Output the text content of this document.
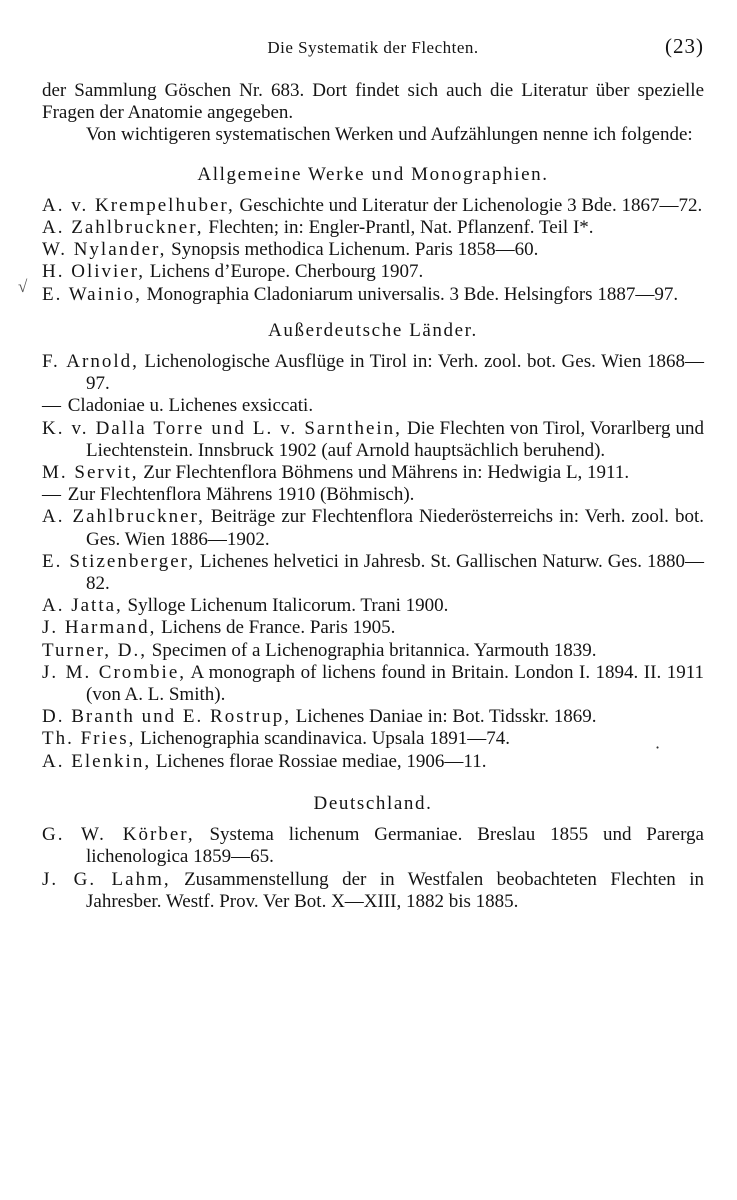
Die Systematik der Flechten.	(23)
√
·

der Sammlung Göschen Nr. 683. Dort findet sich auch die Literatur über spezielle Fragen der Anatomie angegeben.

Von wichtigeren systematischen Werken und Aufzählungen nenne ich folgende:

Allgemeine Werke und Monographien.

A. v. Krempelhuber, Geschichte und Literatur der Lichenologie 3 Bde. 1867—72.

A. Zahlbruckner, Flechten; in: Engler-Prantl, Nat. Pflanzenf. Teil I*.

W. Nylander, Synopsis methodica Lichenum. Paris 1858—60.

H. Olivier, Lichens d’Europe. Cherbourg 1907.

E. Wainio, Monographia Cladoniarum universalis. 3 Bde. Helsingfors 1887—97.

Außerdeutsche Länder.

F. Arnold, Lichenologische Ausflüge in Tirol in: Verh. zool. bot. Ges. Wien 1868—97.

— Cladoniae u. Lichenes exsiccati.

K. v. Dalla Torre und L. v. Sarnthein, Die Flechten von Tirol, Vorarlberg und Liechtenstein. Innsbruck 1902 (auf Arnold hauptsächlich beruhend).

M. Servit, Zur Flechtenflora Böhmens und Mährens in: Hedwigia L, 1911.

— Zur Flechtenflora Mährens 1910 (Böhmisch).

A. Zahlbruckner, Beiträge zur Flechtenflora Niederösterreichs in: Verh. zool. bot. Ges. Wien 1886—1902.

E. Stizenberger, Lichenes helvetici in Jahresb. St. Gallischen Naturw. Ges. 1880—82.

A. Jatta, Sylloge Lichenum Italicorum. Trani 1900.

J. Harmand, Lichens de France. Paris 1905.

Turner, D., Specimen of a Lichenographia britannica. Yarmouth 1839.

J. M. Crombie, A monograph of lichens found in Britain. London I. 1894. II. 1911 (von A. L. Smith).

D. Branth und E. Rostrup, Lichenes Daniae in: Bot. Tidsskr. 1869.

Th. Fries, Lichenographia scandinavica. Upsala 1891—74.

A. Elenkin, Lichenes florae Rossiae mediae, 1906—11.

Deutschland.

G. W. Körber, Systema lichenum Germaniae. Breslau 1855 und Parerga lichenologica 1859—65.

J. G. Lahm, Zusammenstellung der in Westfalen beobachteten Flechten in Jahresber. Westf. Prov. Ver Bot. X—XIII, 1882 bis 1885.
